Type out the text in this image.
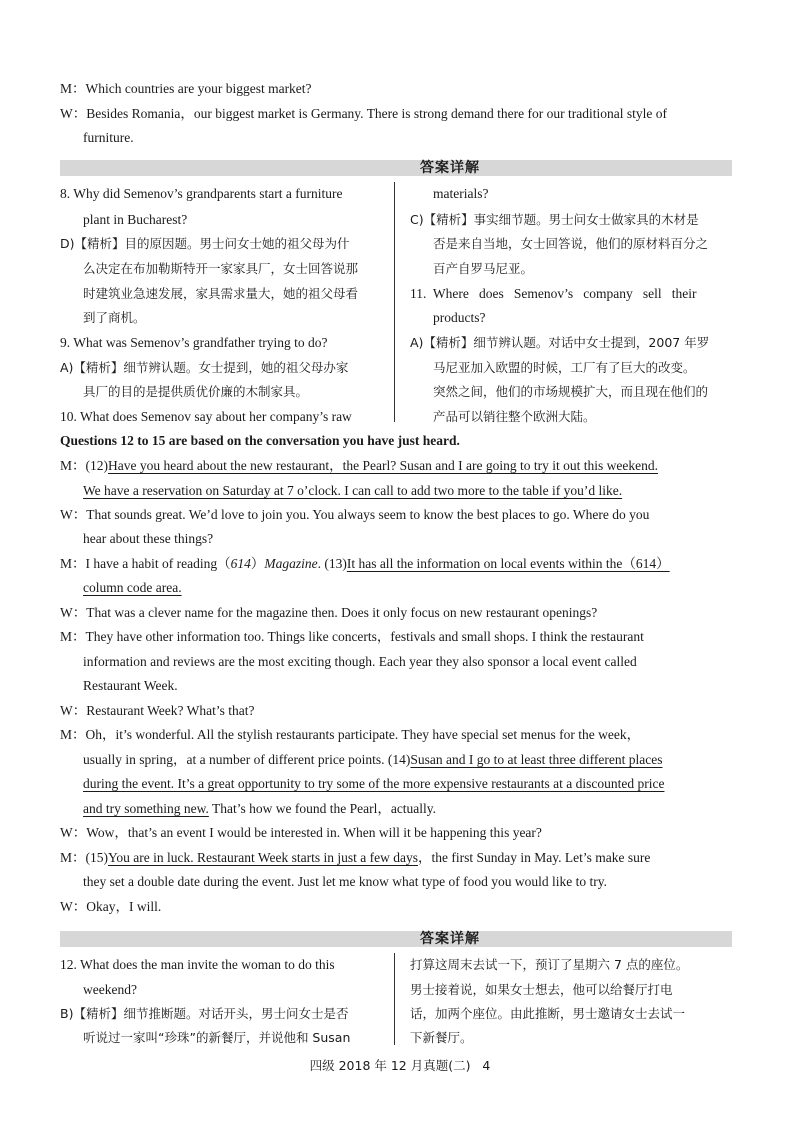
M：Which countries are your biggest market?
W：Besides Romania，our biggest market is Germany. There is strong demand there for our traditional style of
furniture.
答案详解
8. Why did Semenov’s grandparents start a furniture
plant in Bucharest?
D)【精析】目的原因题。男士问女士她的祖父母为什
么决定在布加勒斯特开一家家具厂，女士回答说那
时建筑业急速发展，家具需求量大，她的祖父母看
到了商机。
9. What was Semenov’s grandfather trying to do?
A)【精析】细节辨认题。女士提到，她的祖父母办家
具厂的目的是提供质优价廉的木制家具。
10. What does Semenov say about her company’s raw
materials?
C)【精析】事实细节题。男士问女士做家具的木材是
否是来自当地，女士回答说，他们的原材料百分之
百产自罗马尼亚。
11.  Where   does   Semenov’s   company   sell   their
products?
A)【精析】细节辨认题。对话中女士提到，2007 年罗
马尼亚加入欧盟的时候，工厂有了巨大的改变。
突然之间，他们的市场规模扩大，而且现在他们的
产品可以销往整个欧洲大陆。
Questions 12 to 15 are based on the conversation you have just heard.
M：(12)Have you heard about the new restaurant，the Pearl? Susan and I are going to try it out this weekend.
We have a reservation on Saturday at 7 o’clock. I can call to add two more to the table if you’d like.
W：That sounds great. We’d love to join you. You always seem to know the best places to go. Where do you
hear about these things?
M：I have a habit of reading（614）Magazine. (13)It has all the information on local events within the（614）
column code area.
W：That was a clever name for the magazine then. Does it only focus on new restaurant openings?
M：They have other information too. Things like concerts，festivals and small shops. I think the restaurant
information and reviews are the most exciting though. Each year they also sponsor a local event called
Restaurant Week.
W：Restaurant Week? What’s that?
M：Oh，it’s wonderful. All the stylish restaurants participate. They have special set menus for the week，
usually in spring，at a number of different price points. (14)Susan and I go to at least three different places
during the event. It’s a great opportunity to try some of the more expensive restaurants at a discounted price
and try something new. That’s how we found the Pearl，actually.
W：Wow，that’s an event I would be interested in. When will it be happening this year?
M：(15)You are in luck. Restaurant Week starts in just a few days，the first Sunday in May. Let’s make sure
they set a double date during the event. Just let me know what type of food you would like to try.
W：Okay，I will.
答案详解
12. What does the man invite the woman to do this
weekend?
B)【精析】细节推断题。对话开头，男士问女士是否
听说过一家叫“珍珠”的新餐厅，并说他和 Susan
打算这周末去试一下，预订了星期六 7 点的座位。
男士接着说，如果女士想去，他可以给餐厅打电
话，加两个座位。由此推断，男士邀请女士去试一
下新餐厅。
四级 2018 年 12 月真题(二)   4
